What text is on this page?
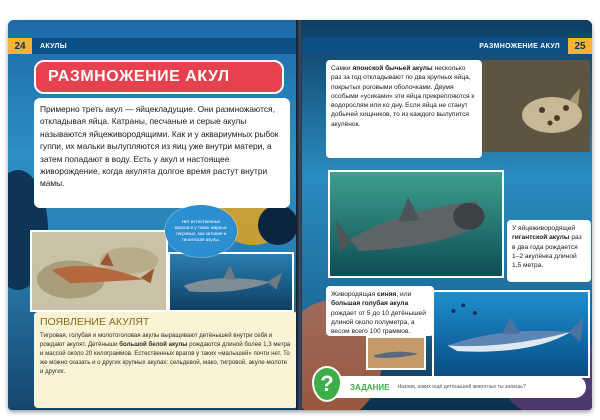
24	АКУЛЫ
РАЗМНОЖЕНИЕ АКУЛ
Примерно треть акул — яйцекладущие. Они размножаются, откладывая яйца. Катраны, песчаные и серые акулы называются яйцеживородящими. Как и у аквариумных рыбок гуппи, их мальки вылупляются из яиц уже внутри матери, а затем попадают в воду. Есть у акул и настоящее живорождение, когда акулята долгое время растут внутри мамы.
Нет естественных врагов и у таких жирных тигровых, как китовая и гигантская акулы.
ПОЯВЛЕНИЕ АКУЛЯТ
Тигровая, голубая и молотоголовая акулы выращивают детёнышей внутри себя и рождают акулят. Детёныши большой белой акулы рождаются длиной более 1,3 метра и массой около 20 килограммов. Естественных врагов у таких «малышей» почти нет. То же можно сказать и о других крупных акулах: сельдевой, мако, тигровой, акуле-молоте и других.
РАЗМНОЖЕНИЕ АКУЛ	25
Самки японской бычьей акулы несколько раз за год откладывают по два крупных яйца, покрытых роговыми оболочками. Двумя особыми «усиками» эти яйца прикрепляются к водорослям или ко дну. Если яйца не станут добычей хищников, то из каждого вылупится акулёнок.
У яйцеживородящей гигантской акулы раз в два года рождается 1–2 акулёнка длиной 1,5 метра.
Живородящая синяя, или большая голубая акула рождает от 5 до 10 детёнышей длиной около полуметра, а весом всего 100 граммов.
ЗАДАНИЕ Назови, каких ещё детёнышей животных ты знаешь?
?
